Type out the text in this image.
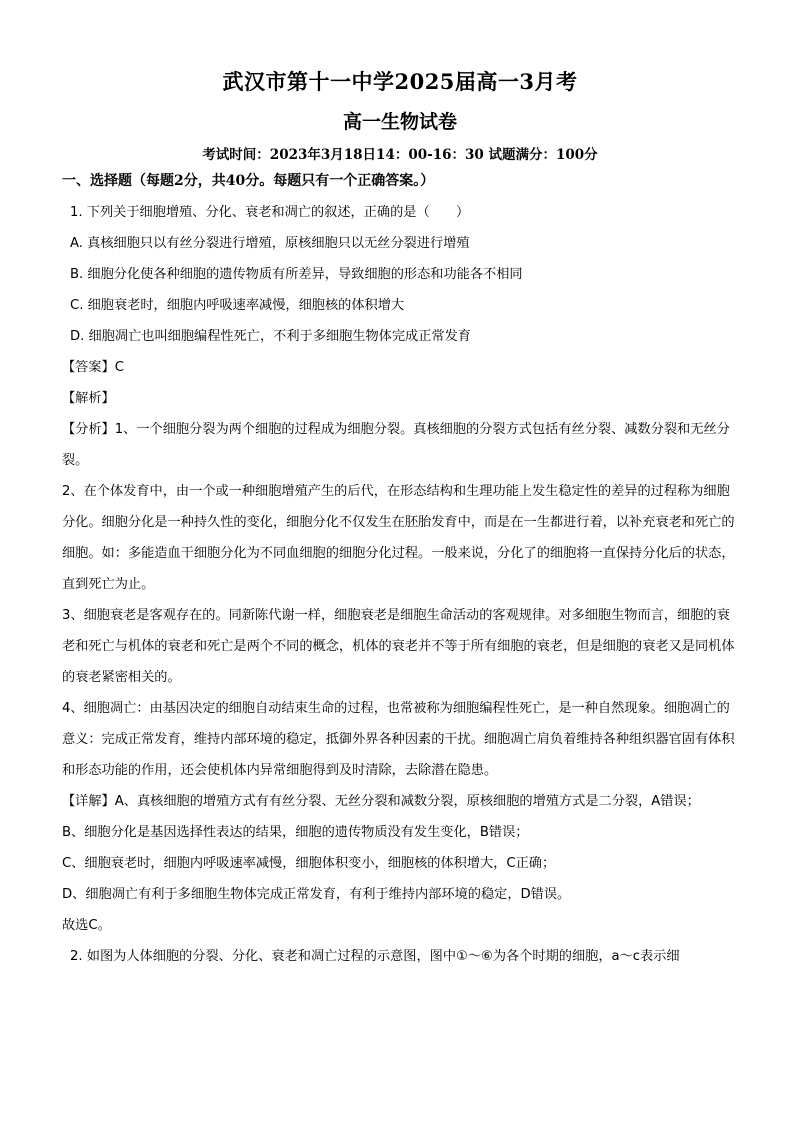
武汉市第十一中学2025届高一3月考
高一生物试卷
考试时间：2023年3月18日14：00-16：30 试题满分：100分
一、选择题（每题2分，共40分。每题只有一个正确答案。）

1. 下列关于细胞增殖、分化、衰老和凋亡的叙述，正确的是（　　）

A. 真核细胞只以有丝分裂进行增殖，原核细胞只以无丝分裂进行增殖

B. 细胞分化使各种细胞的遗传物质有所差异，导致细胞的形态和功能各不相同

C. 细胞衰老时，细胞内呼吸速率减慢，细胞核的体积增大

D. 细胞凋亡也叫细胞编程性死亡，不利于多细胞生物体完成正常发育

【答案】C

【解析】

【分析】1、一个细胞分裂为两个细胞的过程成为细胞分裂。真核细胞的分裂方式包括有丝分裂、减数分裂和无丝分裂。

2、在个体发育中，由一个或一种细胞增殖产生的后代，在形态结构和生理功能上发生稳定性的差异的过程称为细胞分化。细胞分化是一种持久性的变化，细胞分化不仅发生在胚胎发育中，而是在一生都进行着，以补充衰老和死亡的细胞。如：多能造血干细胞分化为不同血细胞的细胞分化过程。一般来说，分化了的细胞将一直保持分化后的状态，直到死亡为止。

3、细胞衰老是客观存在的。同新陈代谢一样，细胞衰老是细胞生命活动的客观规律。对多细胞生物而言，细胞的衰老和死亡与机体的衰老和死亡是两个不同的概念，机体的衰老并不等于所有细胞的衰老，但是细胞的衰老又是同机体的衰老紧密相关的。

4、细胞凋亡：由基因决定的细胞自动结束生命的过程，也常被称为细胞编程性死亡，是一种自然现象。细胞凋亡的意义：完成正常发育，维持内部环境的稳定，抵御外界各种因素的干扰。细胞凋亡肩负着维持各种组织器官固有体积和形态功能的作用，还会使机体内异常细胞得到及时清除，去除潜在隐患。

【详解】A、真核细胞的增殖方式有有丝分裂、无丝分裂和减数分裂，原核细胞的增殖方式是二分裂，A错误；

B、细胞分化是基因选择性表达的结果，细胞的遗传物质没有发生变化，B错误；

C、细胞衰老时，细胞内呼吸速率减慢，细胞体积变小，细胞核的体积增大，C正确；

D、细胞凋亡有利于多细胞生物体完成正常发育，有利于维持内部环境的稳定，D错误。

故选C。

2. 如图为人体细胞的分裂、分化、衰老和凋亡过程的示意图，图中①～⑥为各个时期的细胞，a～c表示细
